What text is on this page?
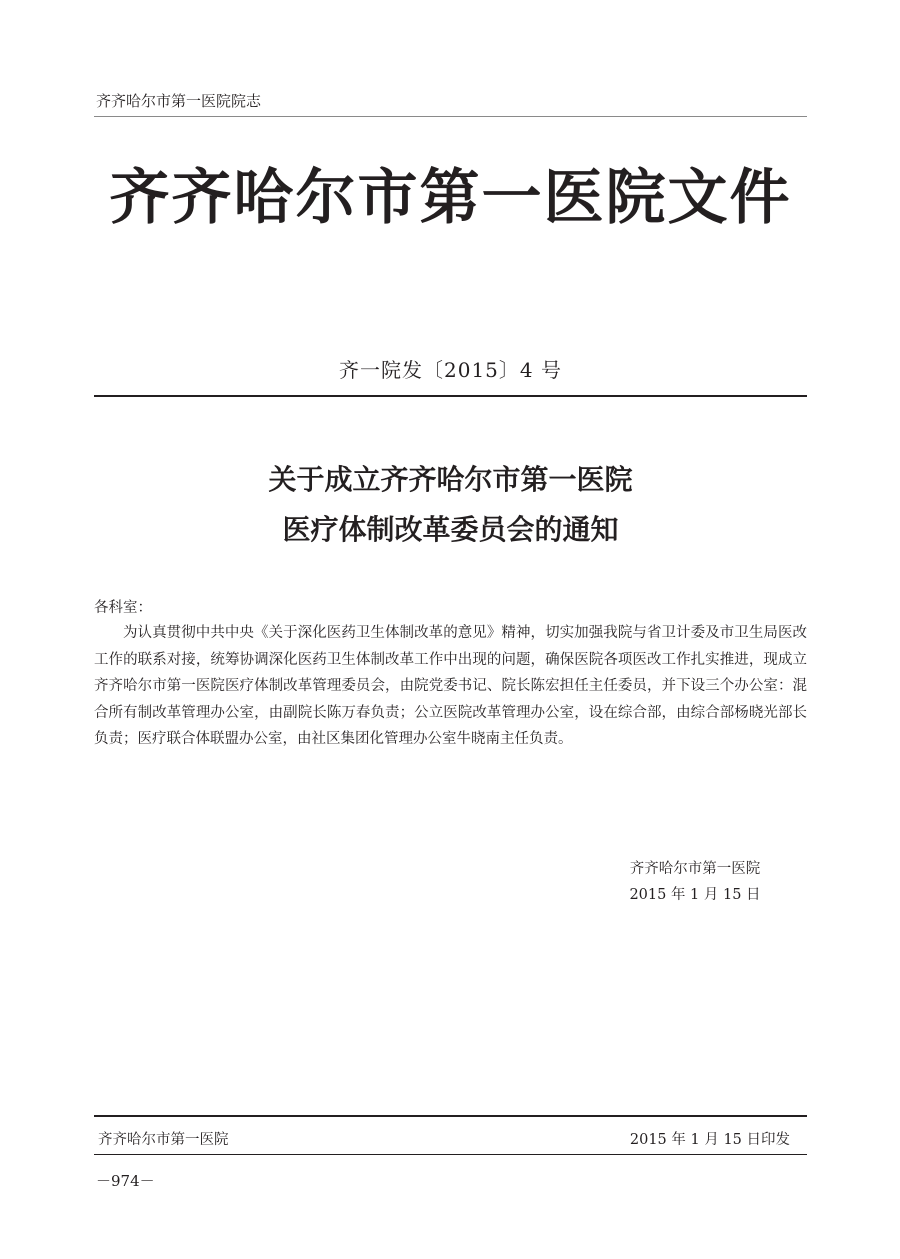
齐齐哈尔市第一医院院志
齐齐哈尔市第一医院文件
齐一院发〔2015〕4 号
关于成立齐齐哈尔市第一医院
医疗体制改革委员会的通知
各科室：
为认真贯彻中共中央《关于深化医药卫生体制改革的意见》精神，切实加强我院与省卫计委及市卫生局医改工作的联系对接，统筹协调深化医药卫生体制改革工作中出现的问题，确保医院各项医改工作扎实推进，现成立齐齐哈尔市第一医院医疗体制改革管理委员会，由院党委书记、院长陈宏担任主任委员，并下设三个办公室：混合所有制改革管理办公室，由副院长陈万春负责；公立医院改革管理办公室，设在综合部，由综合部杨晓光部长负责；医疗联合体联盟办公室，由社区集团化管理办公室牛晓南主任负责。
齐齐哈尔市第一医院
2015 年 1 月 15 日
齐齐哈尔市第一医院	2015 年 1 月 15 日印发
－974－
